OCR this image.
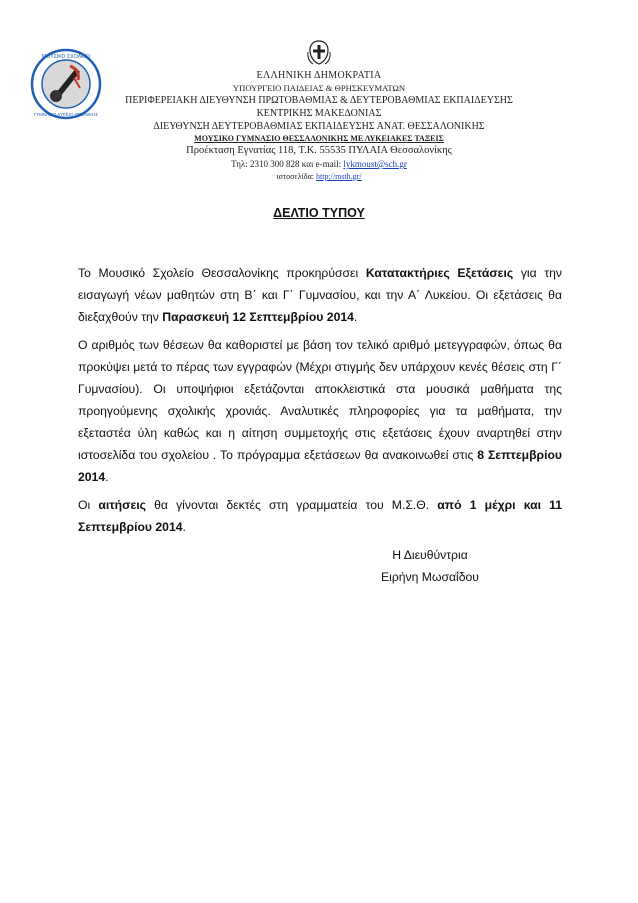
ΜΟΥΣΙΚΟ ΣΧΟΛΕΙΟ
ΓΥΜΝΑΣΙΟ ΛΥΚΕΙΟ ΘΕΣ/ΝΙΚΗΣ
ΕΛΛΗΝΙΚΗ ΔΗΜΟΚΡΑΤΙΑ
ΥΠΟΥΡΓΕΙΟ ΠΑΙΔΕΙΑΣ & ΘΡΗΣΚΕΥΜΑΤΩΝ
ΠΕΡΙΦΕΡΕΙΑΚΗ ΔΙΕΥΘΥΝΣΗ ΠΡΩΤΟΒΑΘΜΙΑΣ & ΔΕΥΤΕΡΟΒΑΘΜΙΑΣ ΕΚΠΑΙΔΕΥΣΗΣ
ΚΕΝΤΡΙΚΗΣ ΜΑΚΕΔΟΝΙΑΣ
ΔΙΕΥΘΥΝΣΗ ΔΕΥΤΕΡΟΒΑΘΜΙΑΣ ΕΚΠΑΙΔΕΥΣΗΣ ΑΝΑΤ. ΘΕΣΣΑΛΟΝΙΚΗΣ
ΜΟΥΣΙΚΟ ΓΥΜΝΑΣΙΟ ΘΕΣΣΑΛΟΝΙΚΗΣ ΜΕ ΛΥΚΕΙΑΚΕΣ ΤΑΞΕΙΣ
Προέκταση Εγνατίας 118, Τ.Κ. 55535 ΠΥΛΑΙΑ Θεσσαλονίκης
Τηλ: 2310 300 828 και e-mail: lykmoust@sch.gr
ιστοσελίδα: http://msth.gr/
ΔΕΛΤΙΟ ΤΥΠΟΥ

Το Μουσικό Σχολείο Θεσσαλονίκης προκηρύσσει Κατατακτήριες Εξετάσεις για την εισαγωγή νέων μαθητών στη Β΄ και Γ΄ Γυμνασίου, και την Α΄ Λυκείου. Οι εξετάσεις θα διεξαχθούν την Παρασκευή 12 Σεπτεμβρίου 2014.

Ο αριθμός των θέσεων θα καθοριστεί με βάση τον τελικό αριθμό μετεγγραφών, όπως θα προκύψει μετά το πέρας των εγγραφών (Μέχρι στιγμής δεν υπάρχουν κενές θέσεις στη Γ΄ Γυμνασίου). Οι υποψήφιοι εξετάζονται αποκλειστικά στα μουσικά μαθήματα της προηγούμενης σχολικής χρονιάς. Αναλυτικές πληροφορίες για τα μαθήματα, την εξεταστέα ύλη καθώς και η αίτηση συμμετοχής στις εξετάσεις έχουν αναρτηθεί στην ιστοσελίδα του σχολείου . Το πρόγραμμα εξετάσεων θα ανακοινωθεί στις 8 Σεπτεμβρίου 2014.

Οι αιτήσεις θα γίνονται δεκτές στη γραμματεία του Μ.Σ.Θ. από 1 μέχρι και 11 Σεπτεμβρίου 2014.

Η Διευθύντρια
Ειρήνη Μωσαΐδου
